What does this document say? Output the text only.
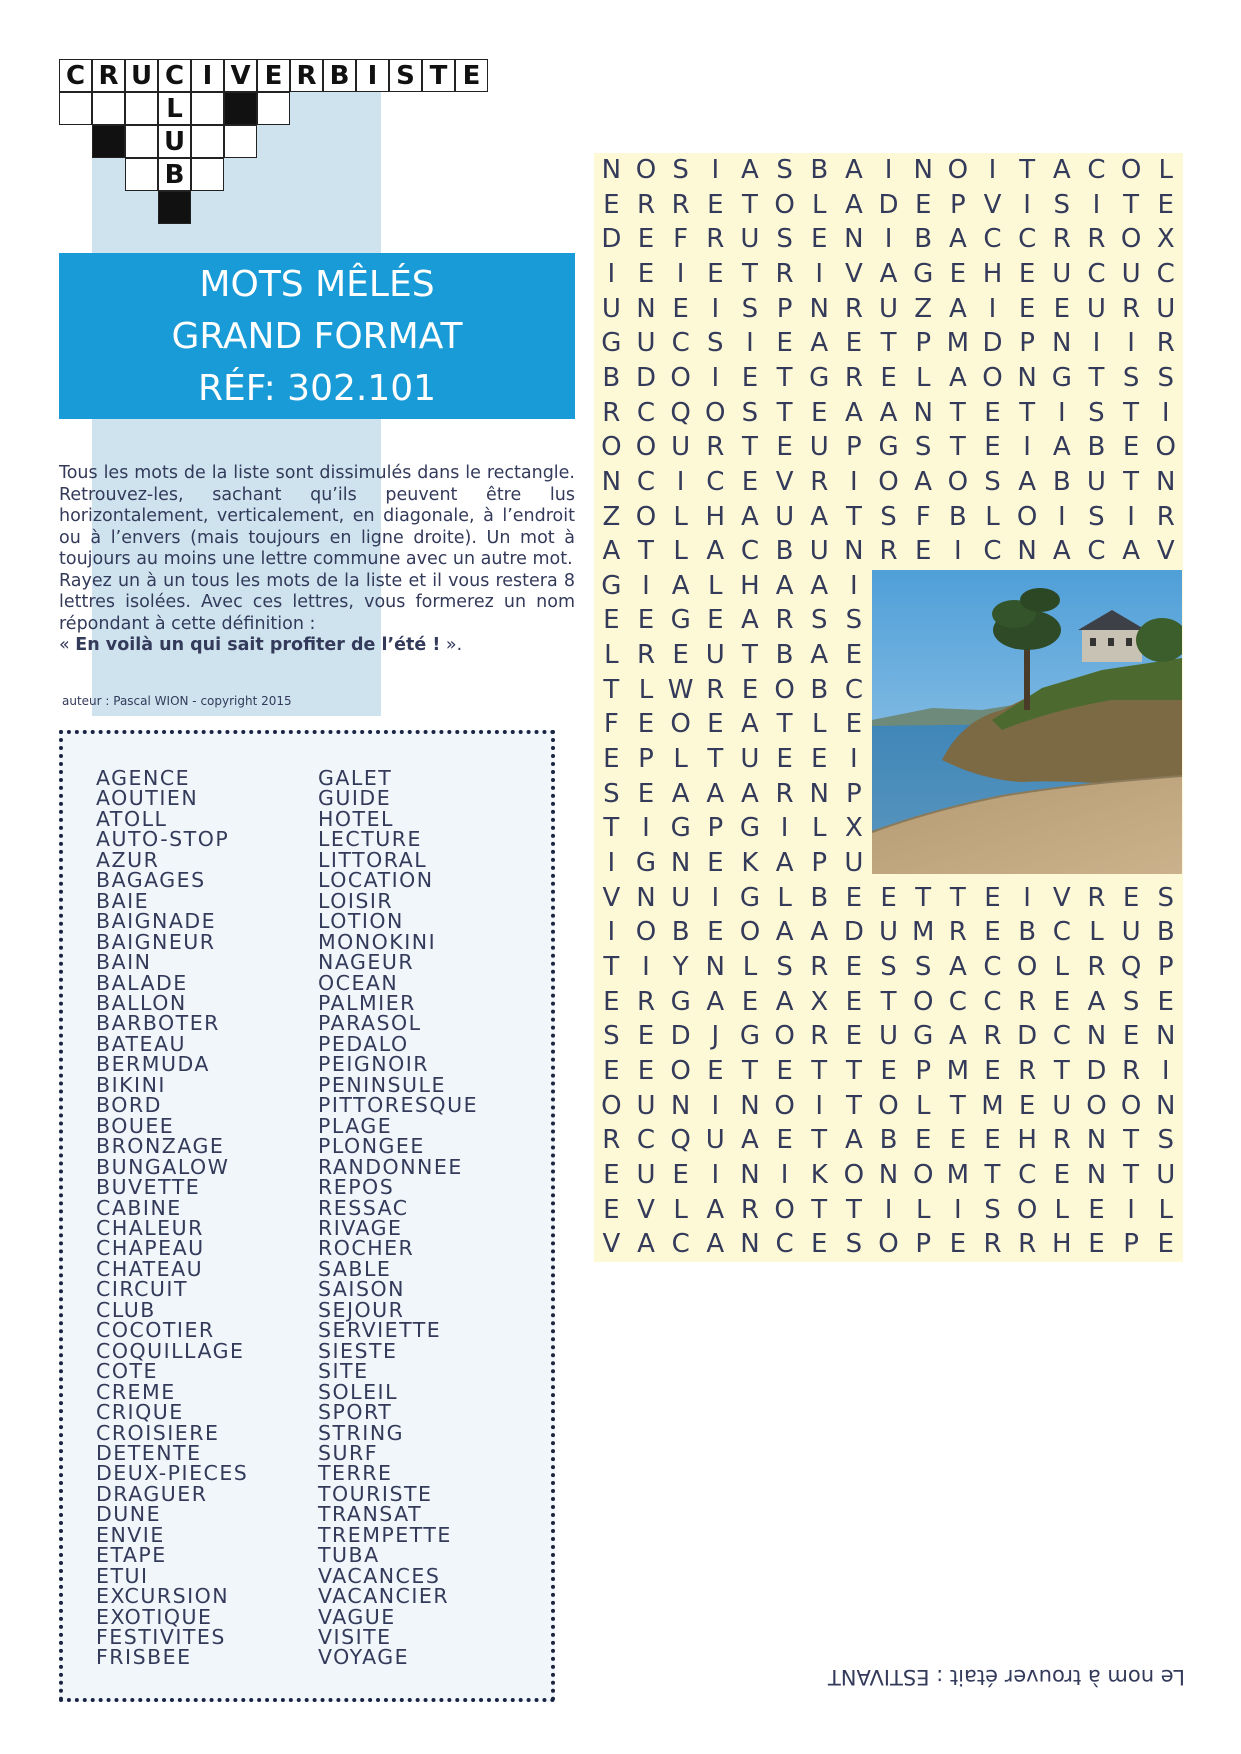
C R U C I V E R B I S T E
L
U
B
MOTS MÊLÉS
GRAND FORMAT
RÉF: 302.101

Tous les mots de la liste sont dissimulés dans le rectangle. Retrouvez-les, sachant qu’ils peuvent être lus horizontalement, verticalement, en diagonale, à l’endroit ou à l’envers (mais toujours en ligne droite). Un mot à toujours au moins une lettre commune avec un autre mot.

Rayez un à un tous les mots de la liste et il vous restera 8 lettres isolées. Avec ces lettres, vous formerez un nom répondant à cette définition :

« En voilà un qui sait profiter de l’été ! ».

auteur : Pascal WION - copyright 2015
AGENCE
AOUTIEN
ATOLL
AUTO-STOP
AZUR
BAGAGES
BAIE
BAIGNADE
BAIGNEUR
BAIN
BALADE
BALLON
BARBOTER
BATEAU
BERMUDA
BIKINI
BORD
BOUEE
BRONZAGE
BUNGALOW
BUVETTE
CABINE
CHALEUR
CHAPEAU
CHATEAU
CIRCUIT
CLUB
COCOTIER
COQUILLAGE
COTE
CREME
CRIQUE
CROISIERE
DETENTE
DEUX-PIECES
DRAGUER
DUNE
ENVIE
ETAPE
ETUI
EXCURSION
EXOTIQUE
FESTIVITES
FRISBEE
GALET
GUIDE
HOTEL
LECTURE
LITTORAL
LOCATION
LOISIR
LOTION
MONOKINI
NAGEUR
OCEAN
PALMIER
PARASOL
PEDALO
PEIGNOIR
PENINSULE
PITTORESQUE
PLAGE
PLONGEE
RANDONNEE
REPOS
RESSAC
RIVAGE
ROCHER
SABLE
SAISON
SEJOUR
SERVIETTE
SIESTE
SITE
SOLEIL
SPORT
STRING
SURF
TERRE
TOURISTE
TRANSAT
TREMPETTE
TUBA
VACANCES
VACANCIER
VAGUE
VISITE
VOYAGE
N O S I A S B A I N O I T A C O L
E R R E T O L A D E P V I S I T E
D E F R U S E N I B A C C R R O X
I E I E T R I V A G E H E U C U C
U N E I S P N R U Z A I E E U R U
G U C S I E A E T P M D P N I	I R
B D O I E T G R E L A O N G T S S
R C Q O S T E A A N T E T I S T I
O O U R T E U P G S T E I A B E O
N C I C E V R I O A O S A B U T N
Z O L H A U A T S F B L O I S I R
A T L A C B U N R E I C N A C A V
G I A L H A A I
E E G E A R S S
L R E U T B A E
T L W R E O B C
F E O E A T L E
E P L T U E E I
S E A A A R N P
T I G P G I L X
I G N E K A P U
V N U I G L B E E T T E I V R E S
I O B E O A A D U M R E B C L U B
T I Y N L S R E S S A C O L R Q P
E R G A E A X E T O C C R E A S E
S E D J G O R E U G A R D C N E N
E E O E T E T T E P M E R T D R I
O U N I N O I T O L T M E U O O N
R C Q U A E T A B E E E H R N T S
E U E I N I K O N O M T C E N T U
E V L A R O T T I L I S O L E I L
V A C A N C E S O P E R R H E P E
Le nom à trouver était : ESTIVANT
